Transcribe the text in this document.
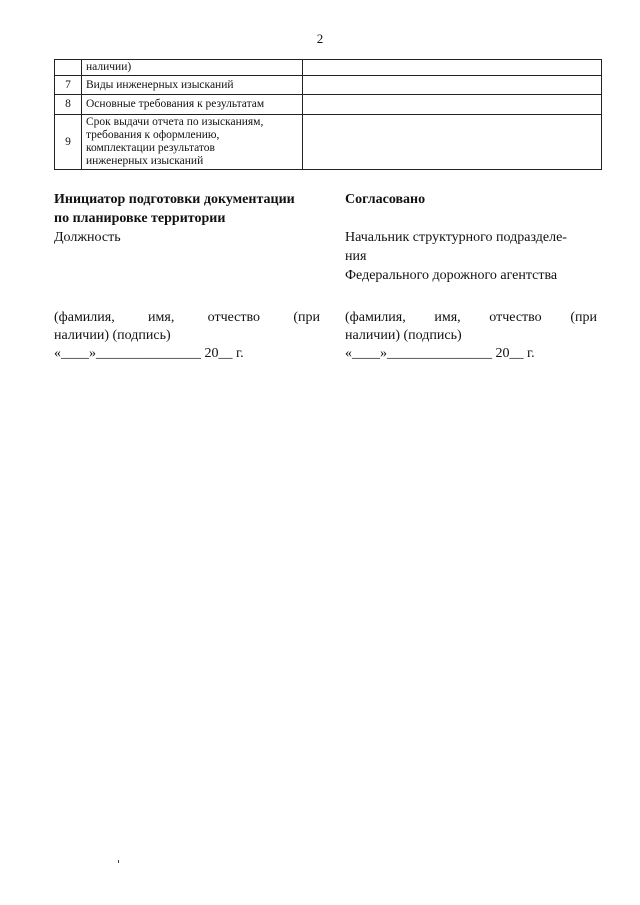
2
	наличии)	
7	Виды инженерных изысканий	
8	Основные требования к результатам	
9	Срок выдачи отчета по изысканиям,
требования к оформлению,
комплектации результатов
инженерных изысканий	

Инициатор подготовки документации
по планировке территории
Должность
Согласовано
Начальник структурного подразделе-
ния
Федерального дорожного агентства
(фамилия, имя, отчество (при
наличии) (подпись)
«____»_______________ 20__ г.
(фамилия, имя, отчество (при
наличии) (подпись)
«____»_______________ 20__ г.
